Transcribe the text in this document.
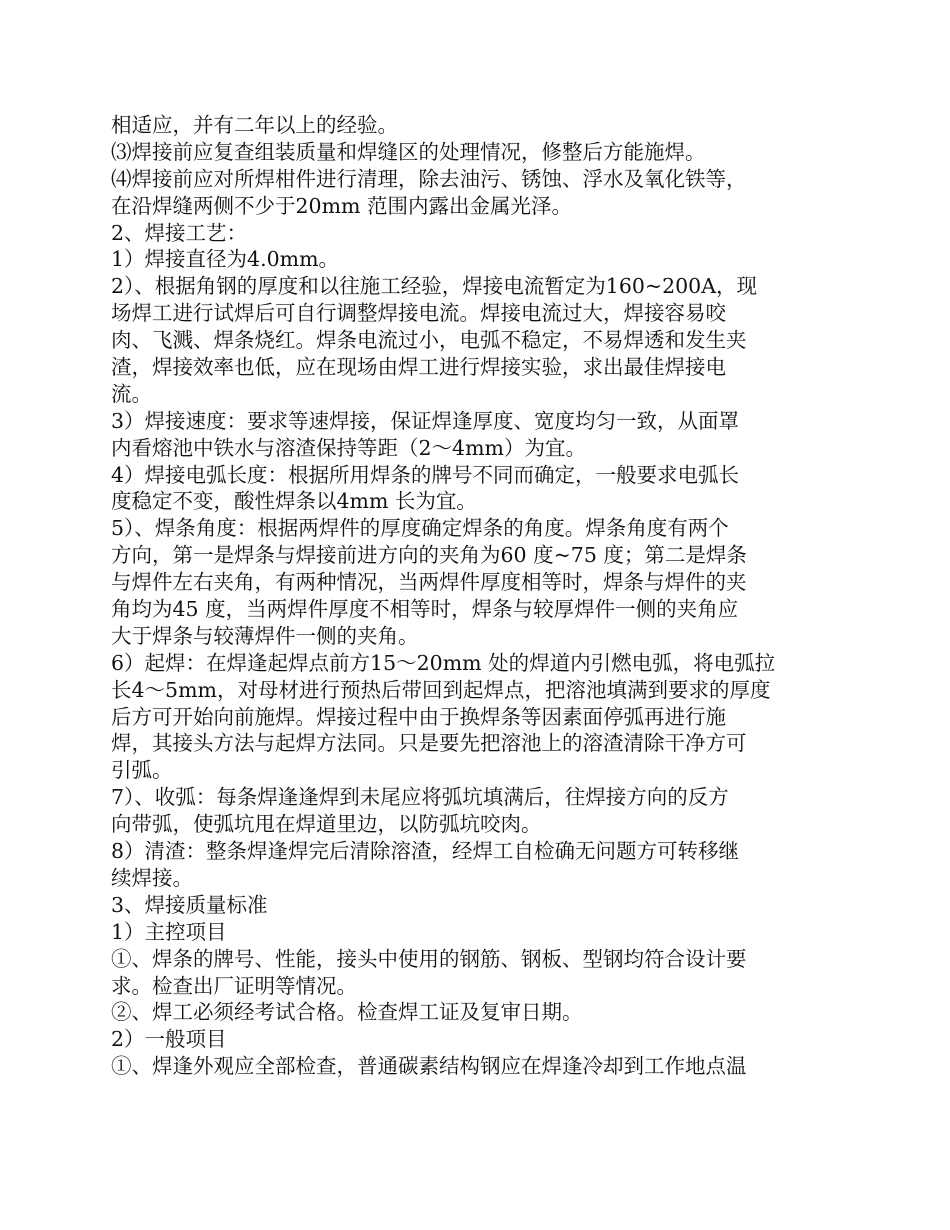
相适应，并有二年以上的经验。
⑶焊接前应复查组装质量和焊缝区的处理情况，修整后方能施焊。
⑷焊接前应对所焊柑件进行清理，除去油污、锈蚀、浮水及氧化铁等，
在沿焊缝两侧不少于20mm 范围内露出金属光泽。
2、焊接工艺：
1）焊接直径为4.0mm。
2）、根据角钢的厚度和以往施工经验，焊接电流暂定为160~200A，现
场焊工进行试焊后可自行调整焊接电流。焊接电流过大，焊接容易咬
肉、飞溅、焊条烧红。焊条电流过小，电弧不稳定，不易焊透和发生夹
渣，焊接效率也低，应在现场由焊工进行焊接实验，求出最佳焊接电
流。
3）焊接速度：要求等速焊接，保证焊逢厚度、宽度均匀一致，从面罩
内看熔池中铁水与溶渣保持等距（2～4mm）为宜。
4）焊接电弧长度：根据所用焊条的牌号不同而确定，一般要求电弧长
度稳定不变，酸性焊条以4mm 长为宜。
5）、焊条角度：根据两焊件的厚度确定焊条的角度。焊条角度有两个
方向，第一是焊条与焊接前进方向的夹角为60 度~75 度；第二是焊条
与焊件左右夹角，有两种情况，当两焊件厚度相等时，焊条与焊件的夹
角均为45 度，当两焊件厚度不相等时，焊条与较厚焊件一侧的夹角应
大于焊条与较薄焊件一侧的夹角。
6）起焊：在焊逢起焊点前方15～20mm 处的焊道内引燃电弧，将电弧拉
长4～5mm，对母材进行预热后带回到起焊点，把溶池填满到要求的厚度
后方可开始向前施焊。焊接过程中由于换焊条等因素面停弧再进行施
焊，其接头方法与起焊方法同。只是要先把溶池上的溶渣清除干净方可
引弧。
7）、收弧：每条焊逢逢焊到未尾应将弧坑填满后，往焊接方向的反方
向带弧，使弧坑甩在焊道里边，以防弧坑咬肉。
8）清渣：整条焊逢焊完后清除溶渣，经焊工自检确无问题方可转移继
续焊接。
3、焊接质量标准
1）主控项目
①、焊条的牌号、性能，接头中使用的钢筋、钢板、型钢均符合设计要
求。检查出厂证明等情况。
②、焊工必须经考试合格。检查焊工证及复审日期。
2）一般项目
①、焊逢外观应全部检查，普通碳素结构钢应在焊逢冷却到工作地点温
